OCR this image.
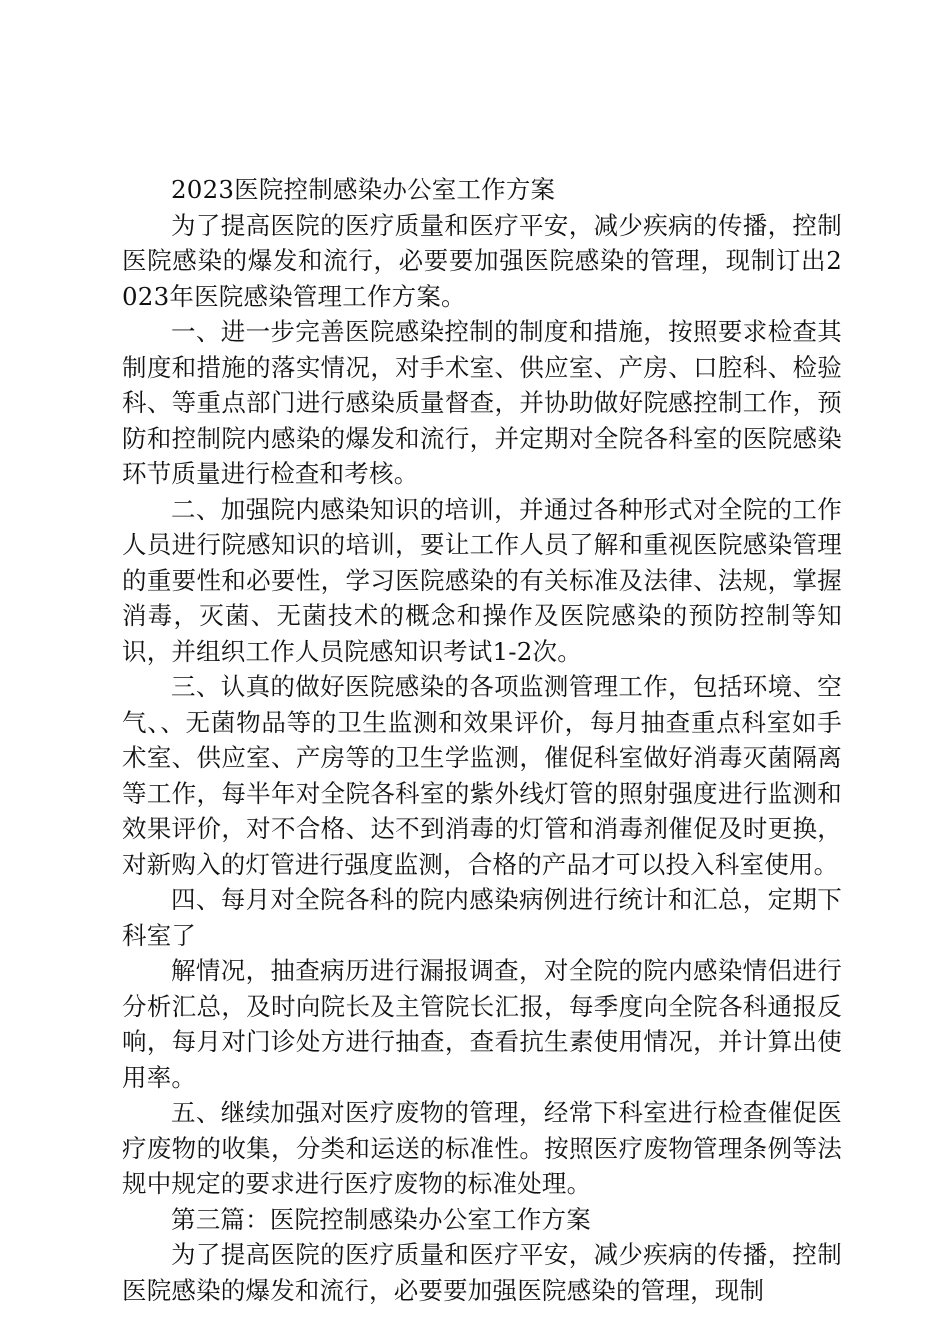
2023医院控制感染办公室工作方案

为了提高医院的医疗质量和医疗平安，减少疾病的传播，控制医院感染的爆发和流行，必要要加强医院感染的管理，现制订出2023年医院感染管理工作方案。

一、进一步完善医院感染控制的制度和措施，按照要求检查其制度和措施的落实情况，对手术室、供应室、产房、口腔科、检验科、等重点部门进行感染质量督查，并协助做好院感控制工作，预防和控制院内感染的爆发和流行，并定期对全院各科室的医院感染环节质量进行检查和考核。

二、加强院内感染知识的培训，并通过各种形式对全院的工作人员进行院感知识的培训，要让工作人员了解和重视医院感染管理的重要性和必要性，学习医院感染的有关标准及法律、法规，掌握消毒，灭菌、无菌技术的概念和操作及医院感染的预防控制等知识，并组织工作人员院感知识考试1-2次。

三、认真的做好医院感染的各项监测管理工作，包括环境、空气、、无菌物品等的卫生监测和效果评价，每月抽查重点科室如手术室、供应室、产房等的卫生学监测，催促科室做好消毒灭菌隔离等工作，每半年对全院各科室的紫外线灯管的照射强度进行监测和效果评价，对不合格、达不到消毒的灯管和消毒剂催促及时更换，对新购入的灯管进行强度监测，合格的产品才可以投入科室使用。

四、每月对全院各科的院内感染病例进行统计和汇总，定期下科室了

解情况，抽查病历进行漏报调查，对全院的院内感染情侣进行分析汇总，及时向院长及主管院长汇报，每季度向全院各科通报反响，每月对门诊处方进行抽查，查看抗生素使用情况，并计算出使用率。

五、继续加强对医疗废物的管理，经常下科室进行检查催促医疗废物的收集，分类和运送的标准性。按照医疗废物管理条例等法规中规定的要求进行医疗废物的标准处理。

第三篇：医院控制感染办公室工作方案

为了提高医院的医疗质量和医疗平安，减少疾病的传播，控制医院感染的爆发和流行，必要要加强医院感染的管理，现制
